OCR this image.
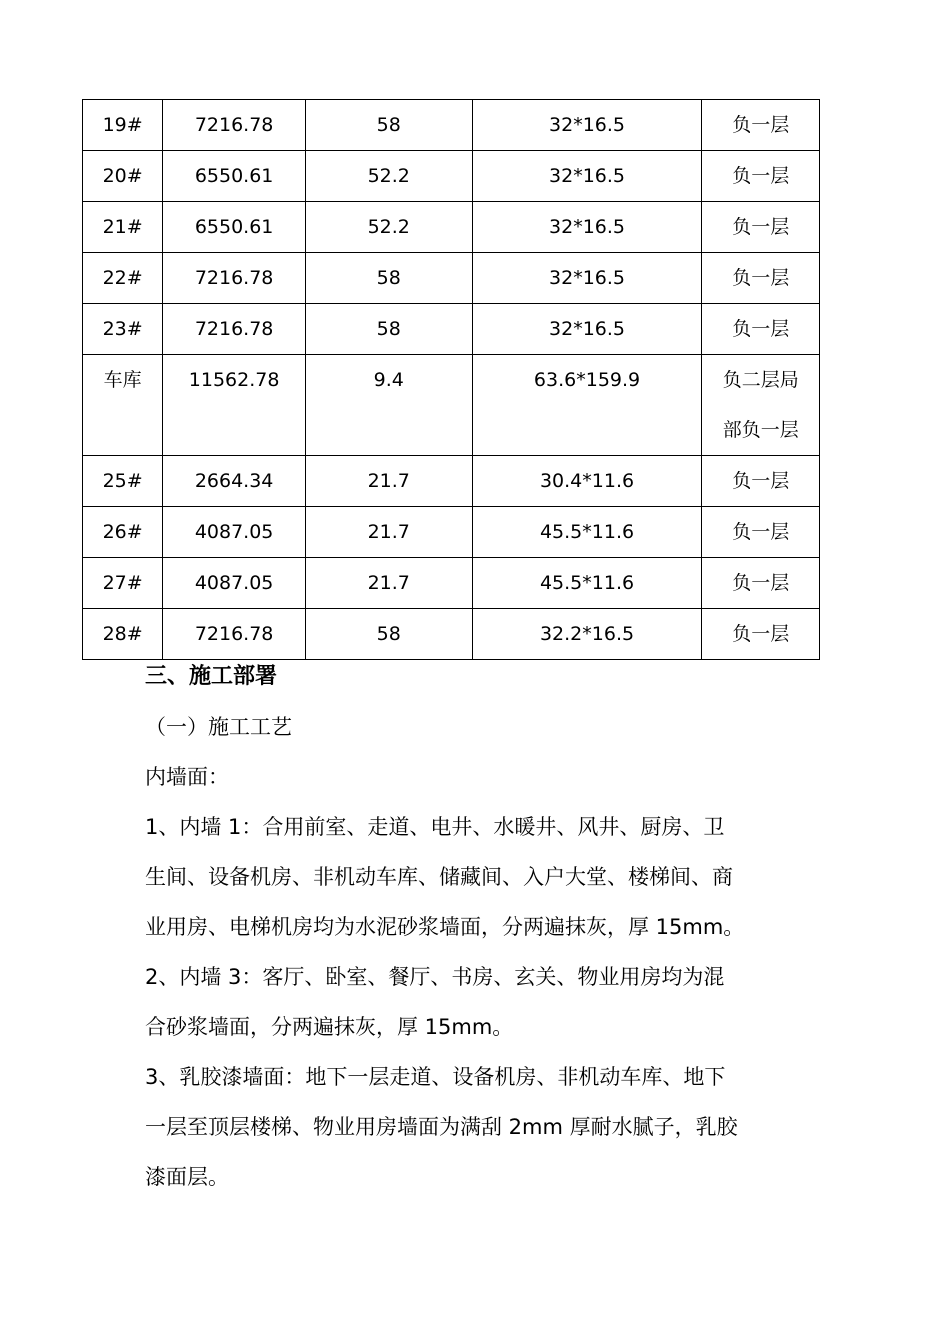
19#	7216.78	58	32*16.5	负一层
20#	6550.61	52.2	32*16.5	负一层
21#	6550.61	52.2	32*16.5	负一层
22#	7216.78	58	32*16.5	负一层
23#	7216.78	58	32*16.5	负一层

车库	11562.78	9.4	63.6*159.9	负二层局
部负一层

25#	2664.34	21.7	30.4*11.6	负一层
26#	4087.05	21.7	45.5*11.6	负一层
27#	4087.05	21.7	45.5*11.6	负一层
28#	7216.78	58	32.2*16.5	负一层
三、施工部署
（一）施工工艺
内墙面：
1、内墙 1：合用前室、走道、电井、水暖井、风井、厨房、卫
生间、设备机房、非机动车库、储藏间、入户大堂、楼梯间、商
业用房、电梯机房均为水泥砂浆墙面，分两遍抹灰，厚 15mm。
2、内墙 3：客厅、卧室、餐厅、书房、玄关、物业用房均为混
合砂浆墙面，分两遍抹灰，厚 15mm。
3、乳胶漆墙面：地下一层走道、设备机房、非机动车库、地下
一层至顶层楼梯、物业用房墙面为满刮 2mm 厚耐水腻子，乳胶
漆面层。
